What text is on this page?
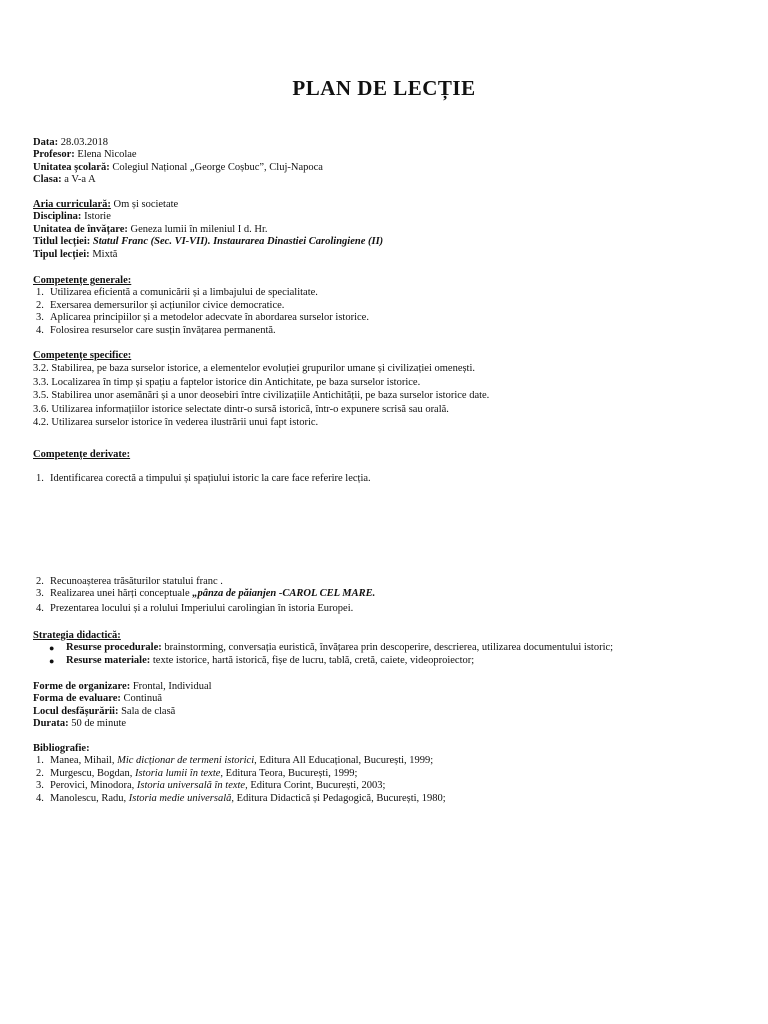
PLAN DE LECȚIE
Data: 28.03.2018
Profesor: Elena Nicolae
Unitatea școlară: Colegiul Național „George Coșbuc”, Cluj-Napoca
Clasa: a V-a A
Aria curriculară: Om și societate
Disciplina: Istorie
Unitatea de învățare: Geneza lumii în mileniul I d. Hr.
Titlul lecției: Statul Franc (Sec. VI-VII). Instaurarea Dinastiei Carolingiene (II)
Tipul lecției: Mixtă
Competențe generale:
1. Utilizarea eficientă a comunicării și a limbajului de specialitate.
2. Exersarea demersurilor și acțiunilor civice democratice.
3. Aplicarea principiilor și a metodelor adecvate în abordarea surselor istorice.
4. Folosirea resurselor care susțin învățarea permanentă.
Competențe specifice:
3.2. Stabilirea, pe baza surselor istorice, a elementelor evoluției grupurilor umane și civilizației omenești.
3.3. Localizarea în timp și spațiu a faptelor istorice din Antichitate, pe baza surselor istorice.
3.5. Stabilirea unor asemănări și a unor deosebiri între civilizațiile Antichității, pe baza surselor istorice date.
3.6. Utilizarea informațiilor istorice selectate dintr-o sursă istorică, într-o expunere scrisă sau orală.
4.2. Utilizarea surselor istorice în vederea ilustrării unui fapt istoric.
Competențe derivate:
1. Identificarea corectă a timpului și spațiului istoric la care face referire lecția.
2. Recunoașterea trăsăturilor statului franc .
3. Realizarea unei hărți conceptuale „pânza de păianjen -CAROL CEL MARE.
4. Prezentarea locului și a rolului Imperiului carolingian în istoria Europei.
Strategia didactică:
● Resurse procedurale: brainstorming, conversația euristică, învățarea prin descoperire, descrierea, utilizarea documentului istoric;
● Resurse materiale: texte istorice, hartă istorică, fișe de lucru, tablă, cretă, caiete, videoproiector;
Forme de organizare: Frontal, Individual
Forma de evaluare: Continuă
Locul desfășurării: Sala de clasă
Durata: 50 de minute
Bibliografie:
1. Manea, Mihail, Mic dicționar de termeni istorici, Editura All Educațional, București, 1999;
2. Murgescu, Bogdan, Istoria lumii în texte, Editura Teora, București, 1999;
3. Perovici, Minodora, Istoria universală în texte, Editura Corint, București, 2003;
4. Manolescu, Radu, Istoria medie universală, Editura Didactică și Pedagogică, București, 1980;
